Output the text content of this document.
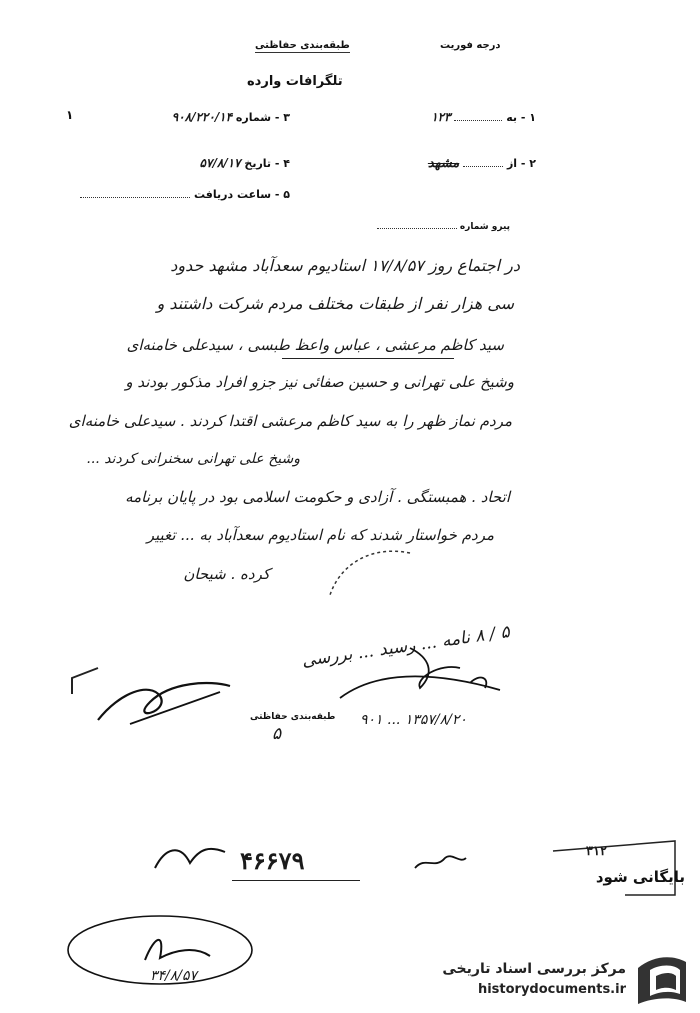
درجه فوریت
طبقه‌بندی حفاظتی
تلگرافات وارده
۱	۳ - شماره ۹۰۸/۲۲۰/۱۴	۱ - به  ۱۲۳
۴ - تاریخ ۵۷/۸/۱۷	۲ - از  مشهد
۵ - ساعت دریافت
پیرو شماره
در اجتماع روز ۱۷/۸/۵۷ استادیوم سعدآباد مشهد حدود
سی هزار نفر از طبقات مختلف مردم شرکت داشتند و
سید کاظم مرعشی ، عباس واعظ طبسی ، سیدعلی خامنه‌ای
وشیخ علی تهرانی و حسین صفائی نیز جزو افراد مذکور بودند و
مردم نماز ظهر را به سید کاظم مرعشی اقتدا کردند . سیدعلی خامنه‌ای
وشیخ علی تهرانی سخنرانی کردند ...
اتحاد . همبستگی . آزادی و حکومت اسلامی بود در پایان برنامه
مردم خواستار شدند که نام استادیوم سعدآباد به ... تغییر
کرده . شیحان
۵ / ۸ نامه ... رسید ... بررسی
طبقه‌بندی حفاظتی
۵
۱۳۵۷/۸/۲۰ ... ۹۰۱
۴۶۶۷۹	۳۱۲
بایگانی شود
۳۴/۸/۵۷	مرکز بررسی اسناد تاریخی
historydocuments.ir
